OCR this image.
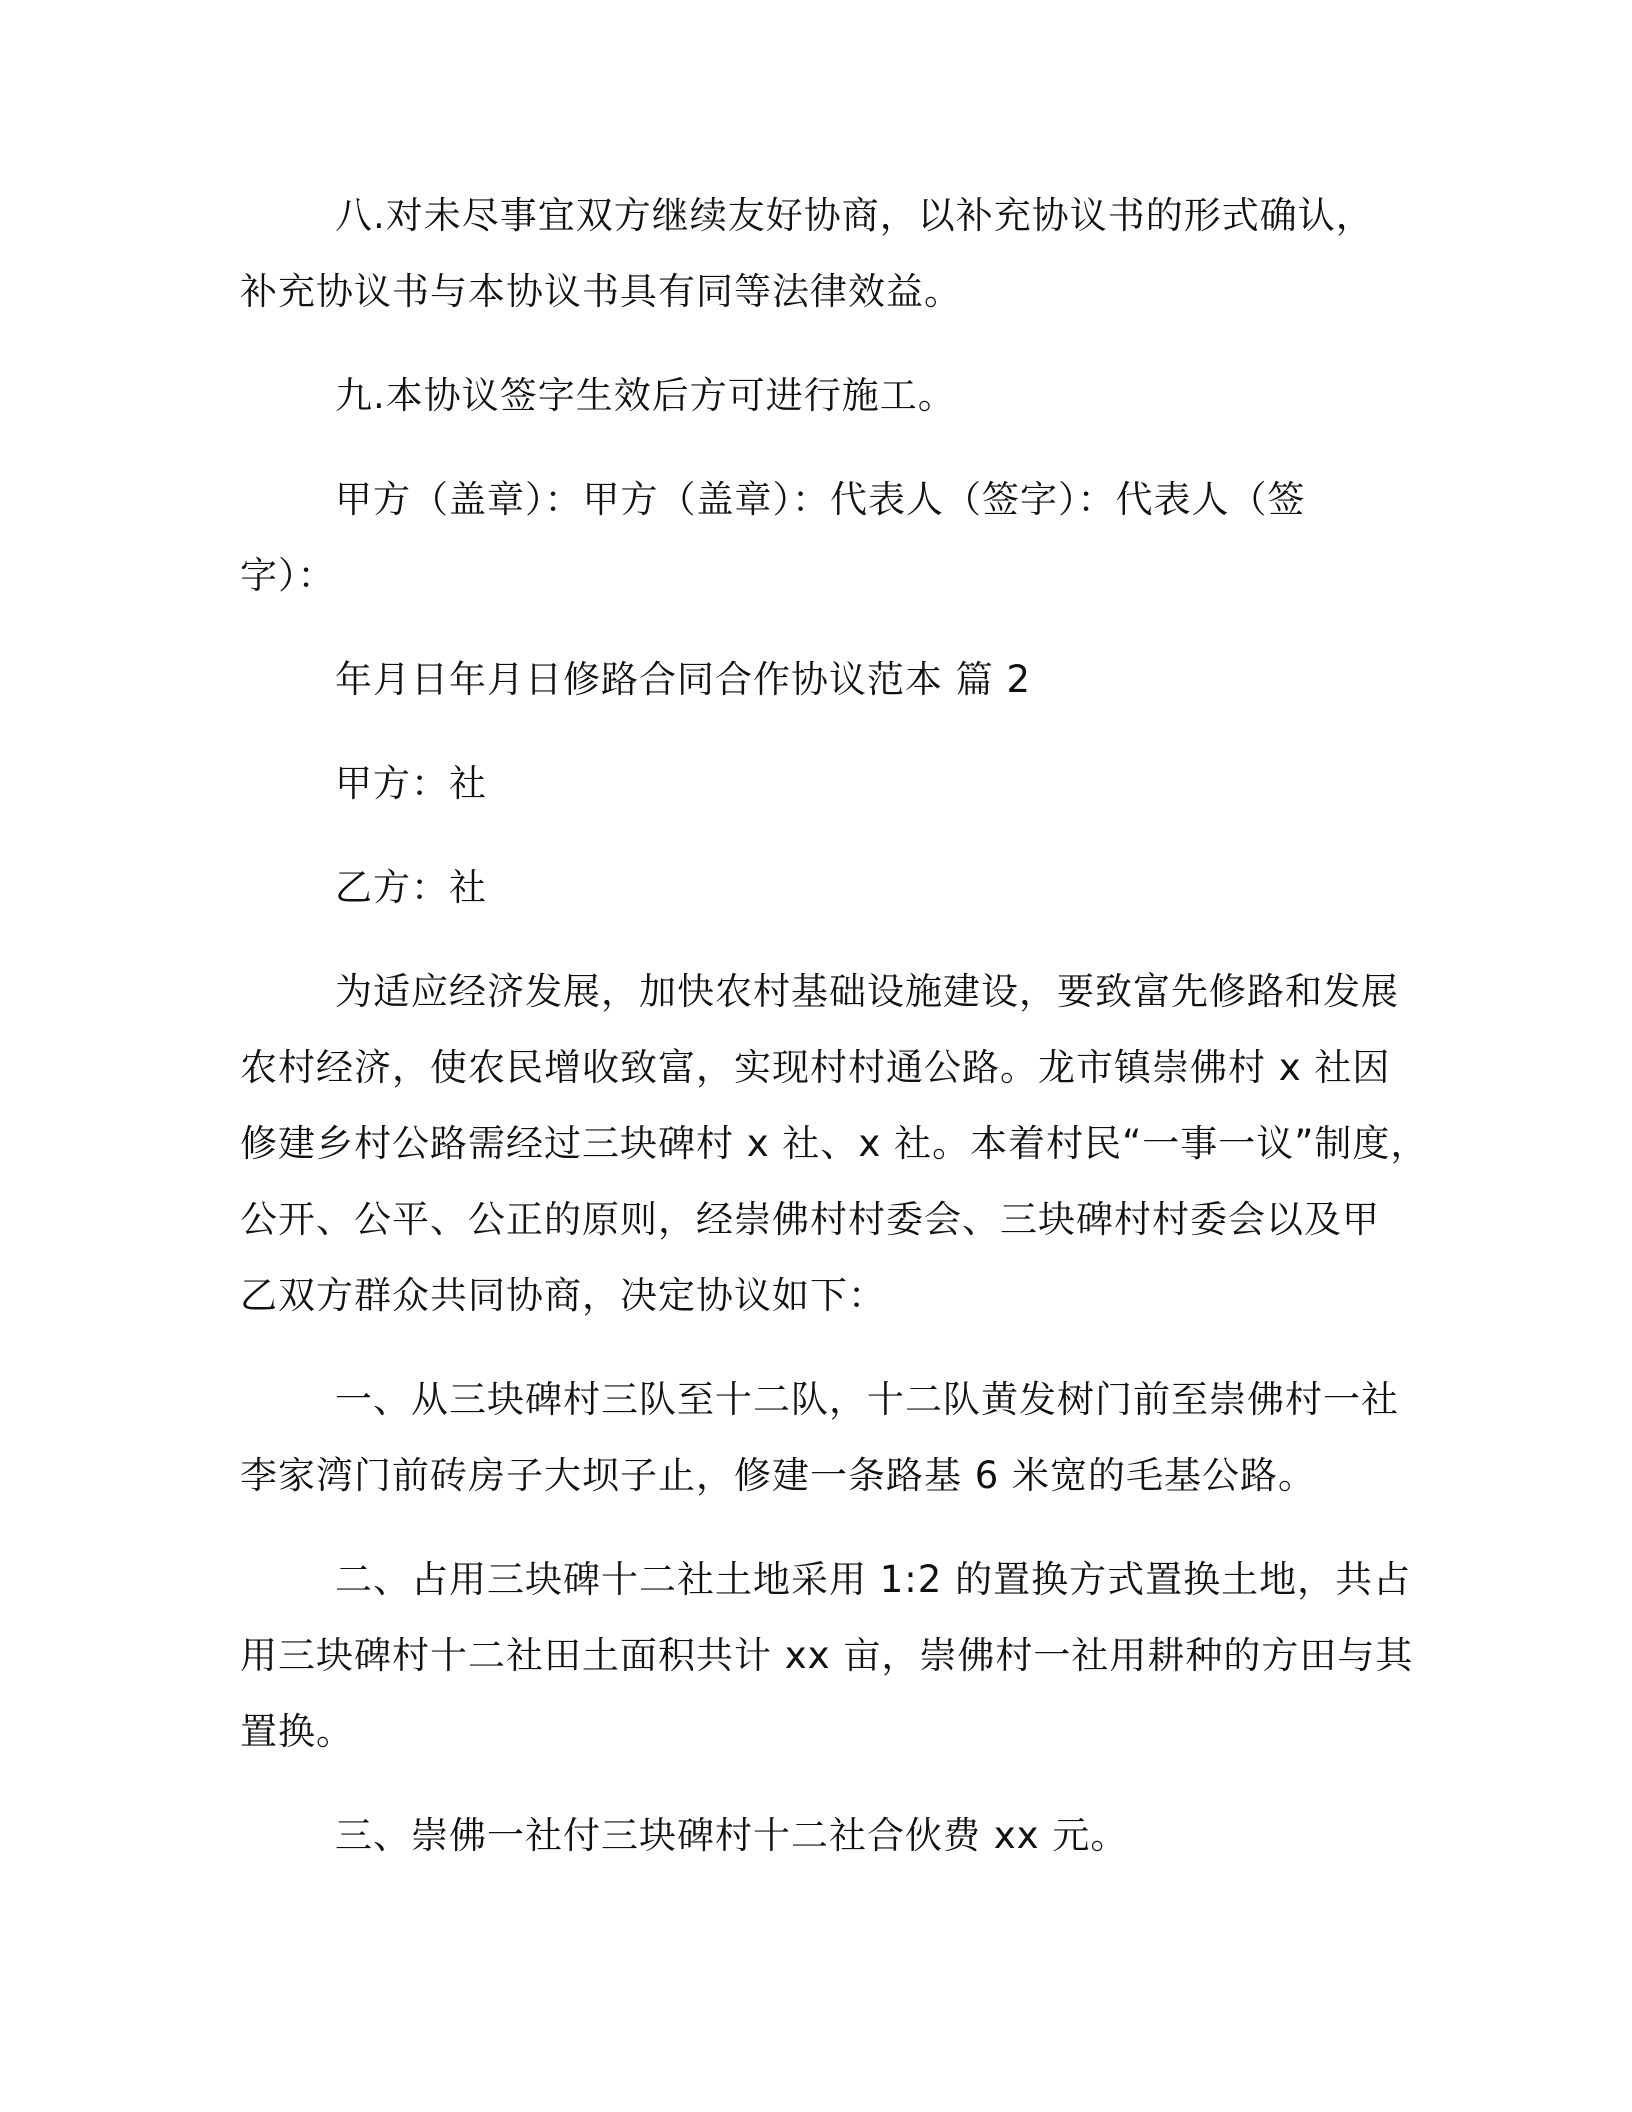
八.对未尽事宜双方继续友好协商，以补充协议书的形式确认，
补充协议书与本协议书具有同等法律效益。
九.本协议签字生效后方可进行施工。
甲方（盖章）：甲方（盖章）：代表人（签字）：代表人（签
字）：
年月日年月日修路合同合作协议范本 篇 2
甲方：社
乙方：社
为适应经济发展，加快农村基础设施建设，要致富先修路和发展
农村经济，使农民增收致富，实现村村通公路。龙市镇崇佛村 x 社因
修建乡村公路需经过三块碑村 x 社、x 社。本着村民“一事一议”制度，
公开、公平、公正的原则，经崇佛村村委会、三块碑村村委会以及甲
乙双方群众共同协商，决定协议如下：
一、从三块碑村三队至十二队，十二队黄发树门前至崇佛村一社
李家湾门前砖房子大坝子止，修建一条路基 6 米宽的毛基公路。
二、占用三块碑十二社土地采用 1:2 的置换方式置换土地，共占
用三块碑村十二社田土面积共计 xx 亩，崇佛村一社用耕种的方田与其
置换。
三、崇佛一社付三块碑村十二社合伙费 xx 元。
